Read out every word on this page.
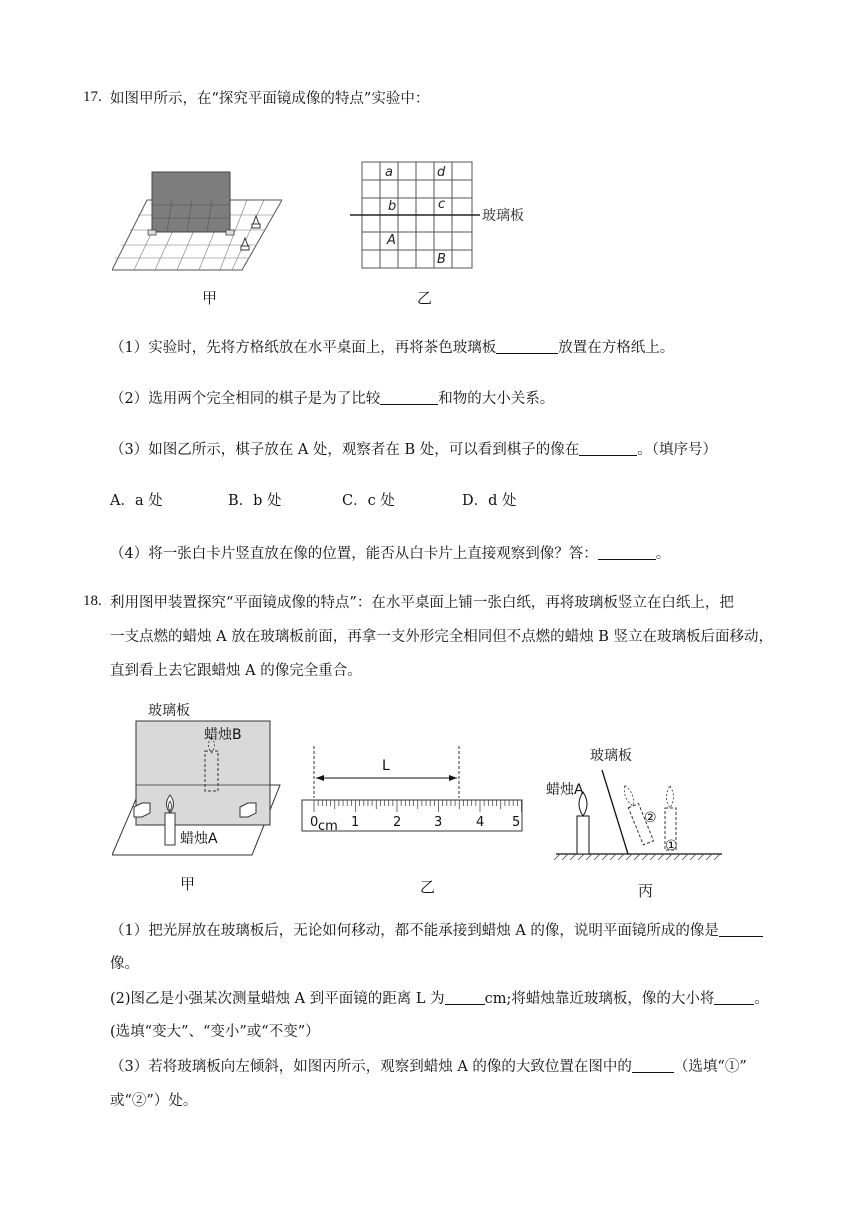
17. 如图甲所示，在“探究平面镜成像的特点”实验中：
甲
a	d
b	c
A
B
玻璃板
乙
（1）实验时，先将方格纸放在水平桌面上，再将茶色玻璃板	放置在方格纸上。
（2）选用两个完全相同的棋子是为了比较	和物的大小关系。
（3）如图乙所示，棋子放在 A 处，观察者在 B 处，可以看到棋子的像在	。（填序号）
A．a 处	B．b 处	C．c 处	D．d 处
（4）将一张白卡片竖直放在像的位置，能否从白卡片上直接观察到像？答：	。
18. 利用图甲装置探究“平面镜成像的特点”：在水平桌面上铺一张白纸，再将玻璃板竖立在白纸上，把
一支点燃的蜡烛 A 放在玻璃板前面，再拿一支外形完全相同但不点燃的蜡烛 B 竖立在玻璃板后面移动，
直到看上去它跟蜡烛 A 的像完全重合。
玻璃板
蜡烛B
蜡烛A
甲
L
0 cm 1	2	3	4 5
乙
②
①
玻璃板
蜡烛A
丙
（1）把光屏放在玻璃板后，无论如何移动，都不能承接到蜡烛 A 的像，说明平面镜所成的像是
像。
(2)图乙是小强某次测量蜡烛 A 到平面镜的距离 L 为	cm;将蜡烛靠近玻璃板，像的大小将	。
(选填“变大”、“变小”或“不变”）
（3）若将玻璃板向左倾斜，如图丙所示，观察到蜡烛 A 的像的大致位置在图中的	（选填“①”
或“②”）处。
